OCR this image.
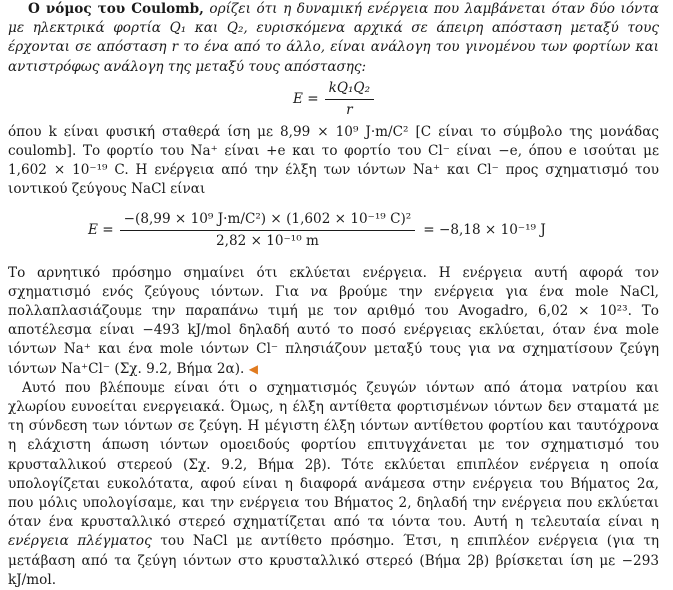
Ο νόμος του Coulomb, ορίζει ότι η δυναμική ενέργεια που λαμβάνεται όταν δύο ιόντα με ηλεκτρικά φορτία Q₁ και Q₂, ευρισκόμενα αρχικά σε άπειρη απόσταση μεταξύ τους έρχονται σε απόσταση r το ένα από το άλλο, είναι ανάλογη του γινομένου των φορτίων και αντιστρόφως ανάλογη της μεταξύ τους απόστασης:

$E = \frac{\text{kQ₁Q₂}}{r}$

όπου k είναι φυσική σταθερά ίση με 8,99 × 10⁹ J·m/C² [C είναι το σύμβολο της μονάδας coulomb]. Το φορτίο του Na⁺ είναι +e και το φορτίο του Cl⁻ είναι −e, όπου e ισούται με 1,602 × 10⁻¹⁹ C. Η ενέργεια από την έλξη των ιόντων Na⁺ και Cl⁻ προς σχηματισμό του ιοντικού ζεύγους NaCl είναι

$E = \frac{\text{−(8,99 × 10⁹ J·m/C²) × (1,602 × 10⁻¹⁹ C)²}}{\text{2,82 × 10⁻¹⁰ m}} = -8,18 \times 10^{-19}$ J

Το αρνητικό πρόσημο σημαίνει ότι εκλύεται ενέργεια. Η ενέργεια αυτή αφορά τον σχηματισμό ενός ζεύγους ιόντων. Για να βρούμε την ενέργεια για ένα mole NaCl, πολλαπλασιάζουμε την παραπάνω τιμή με τον αριθμό του Avogadro, 6,02 × 10²³. Το αποτέλεσμα είναι −493 kJ/mol δηλαδή αυτό το ποσό ενέργειας εκλύεται, όταν ένα mole ιόντων Na⁺ και ένα mole ιόντων Cl⁻ πλησιάζουν μεταξύ τους για να σχηματίσουν ζεύγη ιόντων Na⁺Cl⁻ (Σχ. 9.2, Βήμα 2α). ◀

Αυτό που βλέπουμε είναι ότι ο σχηματισμός ζευγών ιόντων από άτομα νατρίου και χλωρίου ευνοείται ενεργειακά. Όμως, η έλξη αντίθετα φορτισμένων ιόντων δεν σταματά με τη σύνδεση των ιόντων σε ζεύγη. Η μέγιστη έλξη ιόντων αντίθετου φορτίου και ταυτόχρονα η ελάχιστη άπωση ιόντων ομοειδούς φορτίου επιτυγχάνεται με τον σχηματισμό του κρυσταλλικού στερεού (Σχ. 9.2, Βήμα 2β). Τότε εκλύεται επιπλέον ενέργεια η οποία υπολογίζεται ευκολότατα, αφού είναι η διαφορά ανάμεσα στην ενέργεια του Βήματος 2α, που μόλις υπολογίσαμε, και την ενέργεια του Βήματος 2, δηλαδή την ενέργεια που εκλύεται όταν ένα κρυσταλλικό στερεό σχηματίζεται από τα ιόντα του. Αυτή η τελευταία είναι η ενέργεια πλέγματος του NaCl με αντίθετο πρόσημο. Έτσι, η επιπλέον ενέργεια (για τη μετάβαση από τα ζεύγη ιόντων στο κρυσταλλικό στερεό (Βήμα 2β) βρίσκεται ίση με −293 kJ/mol.
